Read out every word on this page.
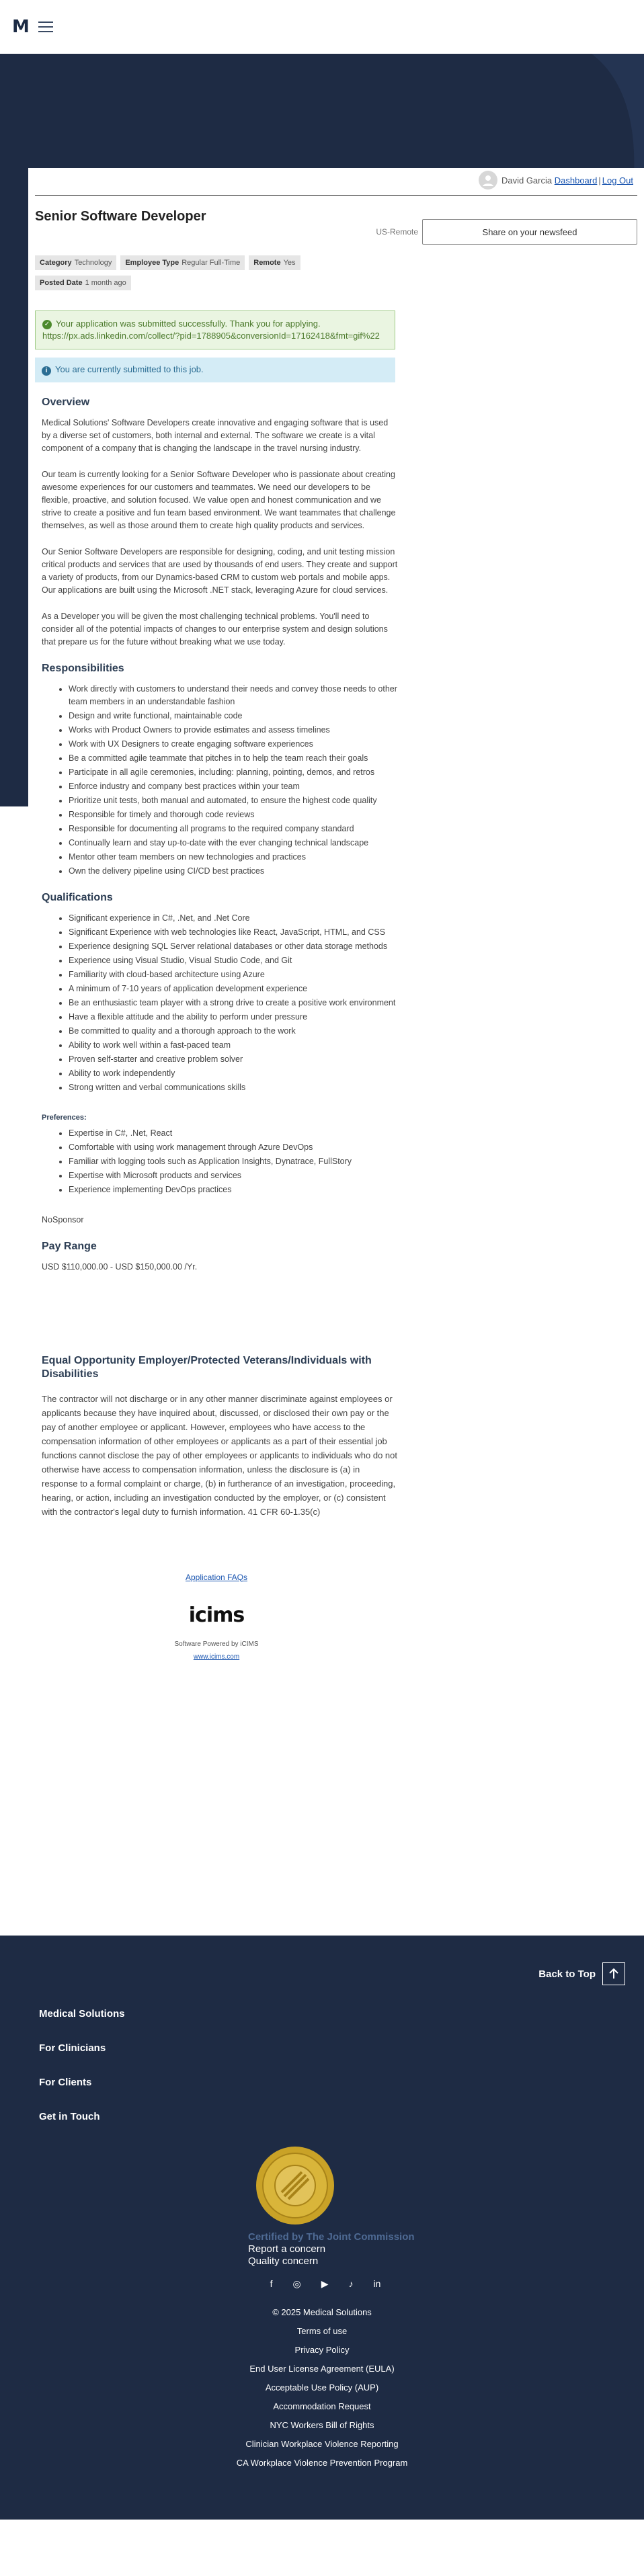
M
David Garcia
Dashboard | Log Out
Senior Software Developer
US-Remote	Share on your newsfeed
Category Technology	Employee Type Regular Full-Time	Remote Yes
Posted Date 1 month ago
✓ Your application was submitted successfully. Thank you for applying.
https://px.ads.linkedin.com/collect/?pid=1788905&conversionId=17162418&fmt=gif%22
i You are currently submitted to this job.
Overview

Medical Solutions' Software Developers create innovative and engaging software that is used by a diverse set of customers, both internal and external. The software we create is a vital component of a company that is changing the landscape in the travel nursing industry.

Our team is currently looking for a Senior Software Developer who is passionate about creating awesome experiences for our customers and teammates. We need our developers to be flexible, proactive, and solution focused. We value open and honest communication and we strive to create a positive and fun team based environment. We want teammates that challenge themselves, as well as those around them to create high quality products and services.

Our Senior Software Developers are responsible for designing, coding, and unit testing mission critical products and services that are used by thousands of end users. They create and support a variety of products, from our Dynamics-based CRM to custom web portals and mobile apps. Our applications are built using the Microsoft .NET stack, leveraging Azure for cloud services.

As a Developer you will be given the most challenging technical problems. You'll need to consider all of the potential impacts of changes to our enterprise system and design solutions that prepare us for the future without breaking what we use today.

Responsibilities
• Work directly with customers to understand their needs and convey those needs to other team members in an understandable fashion
• Design and write functional, maintainable code
• Works with Product Owners to provide estimates and assess timelines
• Work with UX Designers to create engaging software experiences
• Be a committed agile teammate that pitches in to help the team reach their goals
• Participate in all agile ceremonies, including: planning, pointing, demos, and retros
• Enforce industry and company best practices within your team
• Prioritize unit tests, both manual and automated, to ensure the highest code quality
• Responsible for timely and thorough code reviews
• Responsible for documenting all programs to the required company standard
• Continually learn and stay up-to-date with the ever changing technical landscape
• Mentor other team members on new technologies and practices
• Own the delivery pipeline using CI/CD best practices
Qualifications
• Significant experience in C#, .Net, and .Net Core
• Significant Experience with web technologies like React, JavaScript, HTML, and CSS
• Experience designing SQL Server relational databases or other data storage methods
• Experience using Visual Studio, Visual Studio Code, and Git
• Familiarity with cloud-based architecture using Azure
• A minimum of 7-10 years of application development experience
• Be an enthusiastic team player with a strong drive to create a positive work environment
• Have a flexible attitude and the ability to perform under pressure
• Be committed to quality and a thorough approach to the work
• Ability to work well within a fast-paced team
• Proven self-starter and creative problem solver
• Ability to work independently
• Strong written and verbal communications skills
Preferences:
• Expertise in C#, .Net, React
• Comfortable with using work management through Azure DevOps
• Familiar with logging tools such as Application Insights, Dynatrace, FullStory
• Expertise with Microsoft products and services
• Experience implementing DevOps practices

NoSponsor

Pay Range

USD $110,000.00 - USD $150,000.00 /Yr.

Equal Opportunity Employer/Protected Veterans/Individuals with Disabilities
The contractor will not discharge or in any other manner discriminate against employees or applicants because they have inquired about, discussed, or disclosed their own pay or the pay of another employee or applicant. However, employees who have access to the compensation information of other employees or applicants as a part of their essential job functions cannot disclose the pay of other employees or applicants to individuals who do not otherwise have access to compensation information, unless the disclosure is (a) in response to a formal complaint or charge, (b) in furtherance of an investigation, proceeding, hearing, or action, including an investigation conducted by the employer, or (c) consistent with the contractor's legal duty to furnish information. 41 CFR 60-1.35(c)
Application FAQs
icims
Software Powered by iCIMS
www.icims.com
Back to Top
Medical Solutions
For Clinicians
For Clients
Get in Touch
Certified by The Joint Commission
Report a concern
Quality concern
f ◎ ▶ ♪ in
© 2025 Medical Solutions
Terms of use
Privacy Policy
End User License Agreement (EULA)
Acceptable Use Policy (AUP)
Accommodation Request
NYC Workers Bill of Rights
Clinician Workplace Violence Reporting
CA Workplace Violence Prevention Program
